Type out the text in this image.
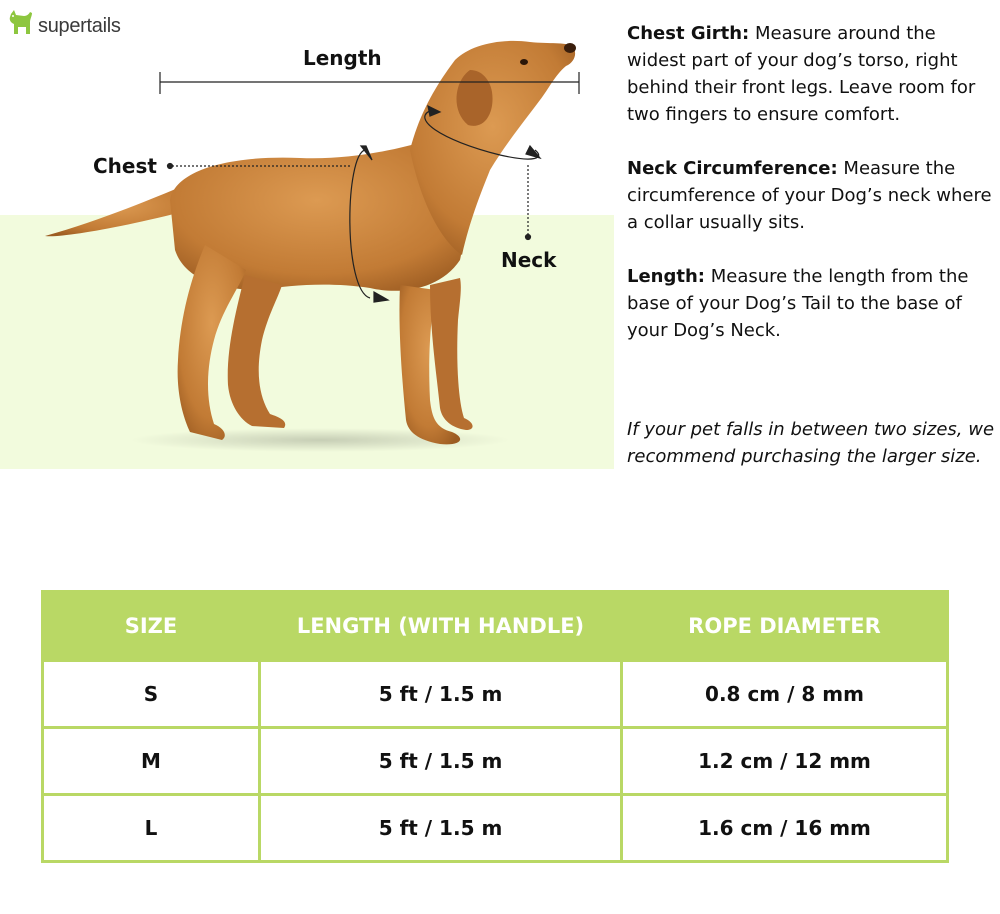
supertails
Length
Chest
Neck

Chest Girth: Measure around the widest part of your dog’s torso, right behind their front legs. Leave room for two fingers to ensure comfort.

Neck Circumference: Measure the circumference of your Dog’s neck where a collar usually sits.

Length: Measure the length from the base of your Dog’s Tail to the base of your Dog’s Neck.

If your pet falls in between two sizes, we recommend purchasing the larger size.
SIZE	LENGTH (WITH HANDLE)	ROPE DIAMETER
S	5 ft / 1.5 m	0.8 cm / 8 mm
M	5 ft / 1.5 m	1.2 cm / 12 mm
L	5 ft / 1.5 m	1.6 cm / 16 mm
